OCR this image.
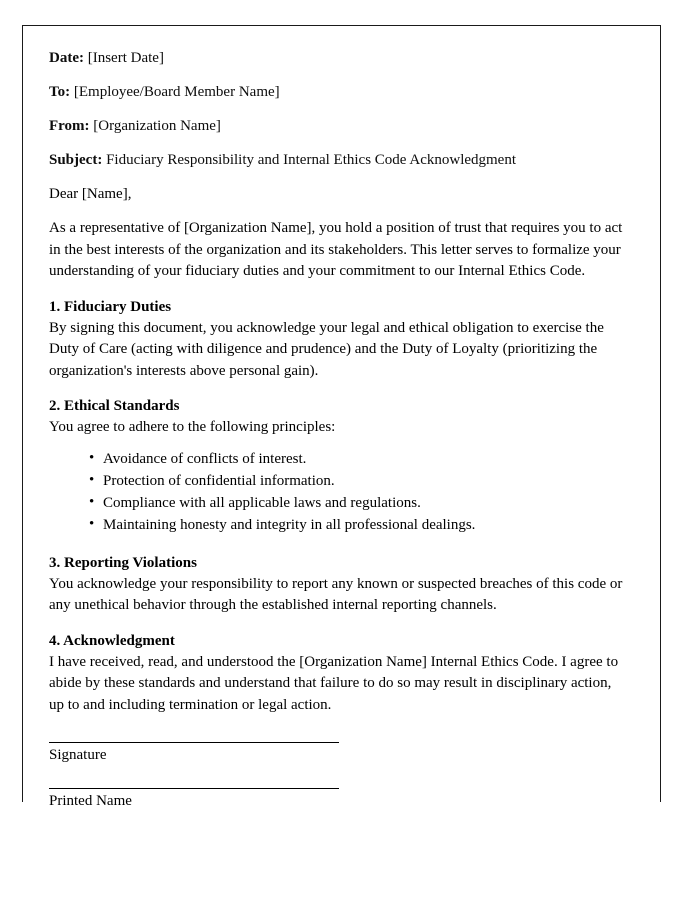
Date: [Insert Date]

To: [Employee/Board Member Name]

From: [Organization Name]

Subject: Fiduciary Responsibility and Internal Ethics Code Acknowledgment

Dear [Name],

As a representative of [Organization Name], you hold a position of trust that requires you to act in the best interests of the organization and its stakeholders. This letter serves to formalize your understanding of your fiduciary duties and your commitment to our Internal Ethics Code.

1. Fiduciary Duties

By signing this document, you acknowledge your legal and ethical obligation to exercise the Duty of Care (acting with diligence and prudence) and the Duty of Loyalty (prioritizing the organization's interests above personal gain).

2. Ethical Standards

You agree to adhere to the following principles:

• Avoidance of conflicts of interest.
• Protection of confidential information.
• Compliance with all applicable laws and regulations.
• Maintaining honesty and integrity in all professional dealings.

3. Reporting Violations

You acknowledge your responsibility to report any known or suspected breaches of this code or any unethical behavior through the established internal reporting channels.

4. Acknowledgment

I have received, read, and understood the [Organization Name] Internal Ethics Code. I agree to abide by these standards and understand that failure to do so may result in disciplinary action, up to and including termination or legal action.

Signature

Printed Name
